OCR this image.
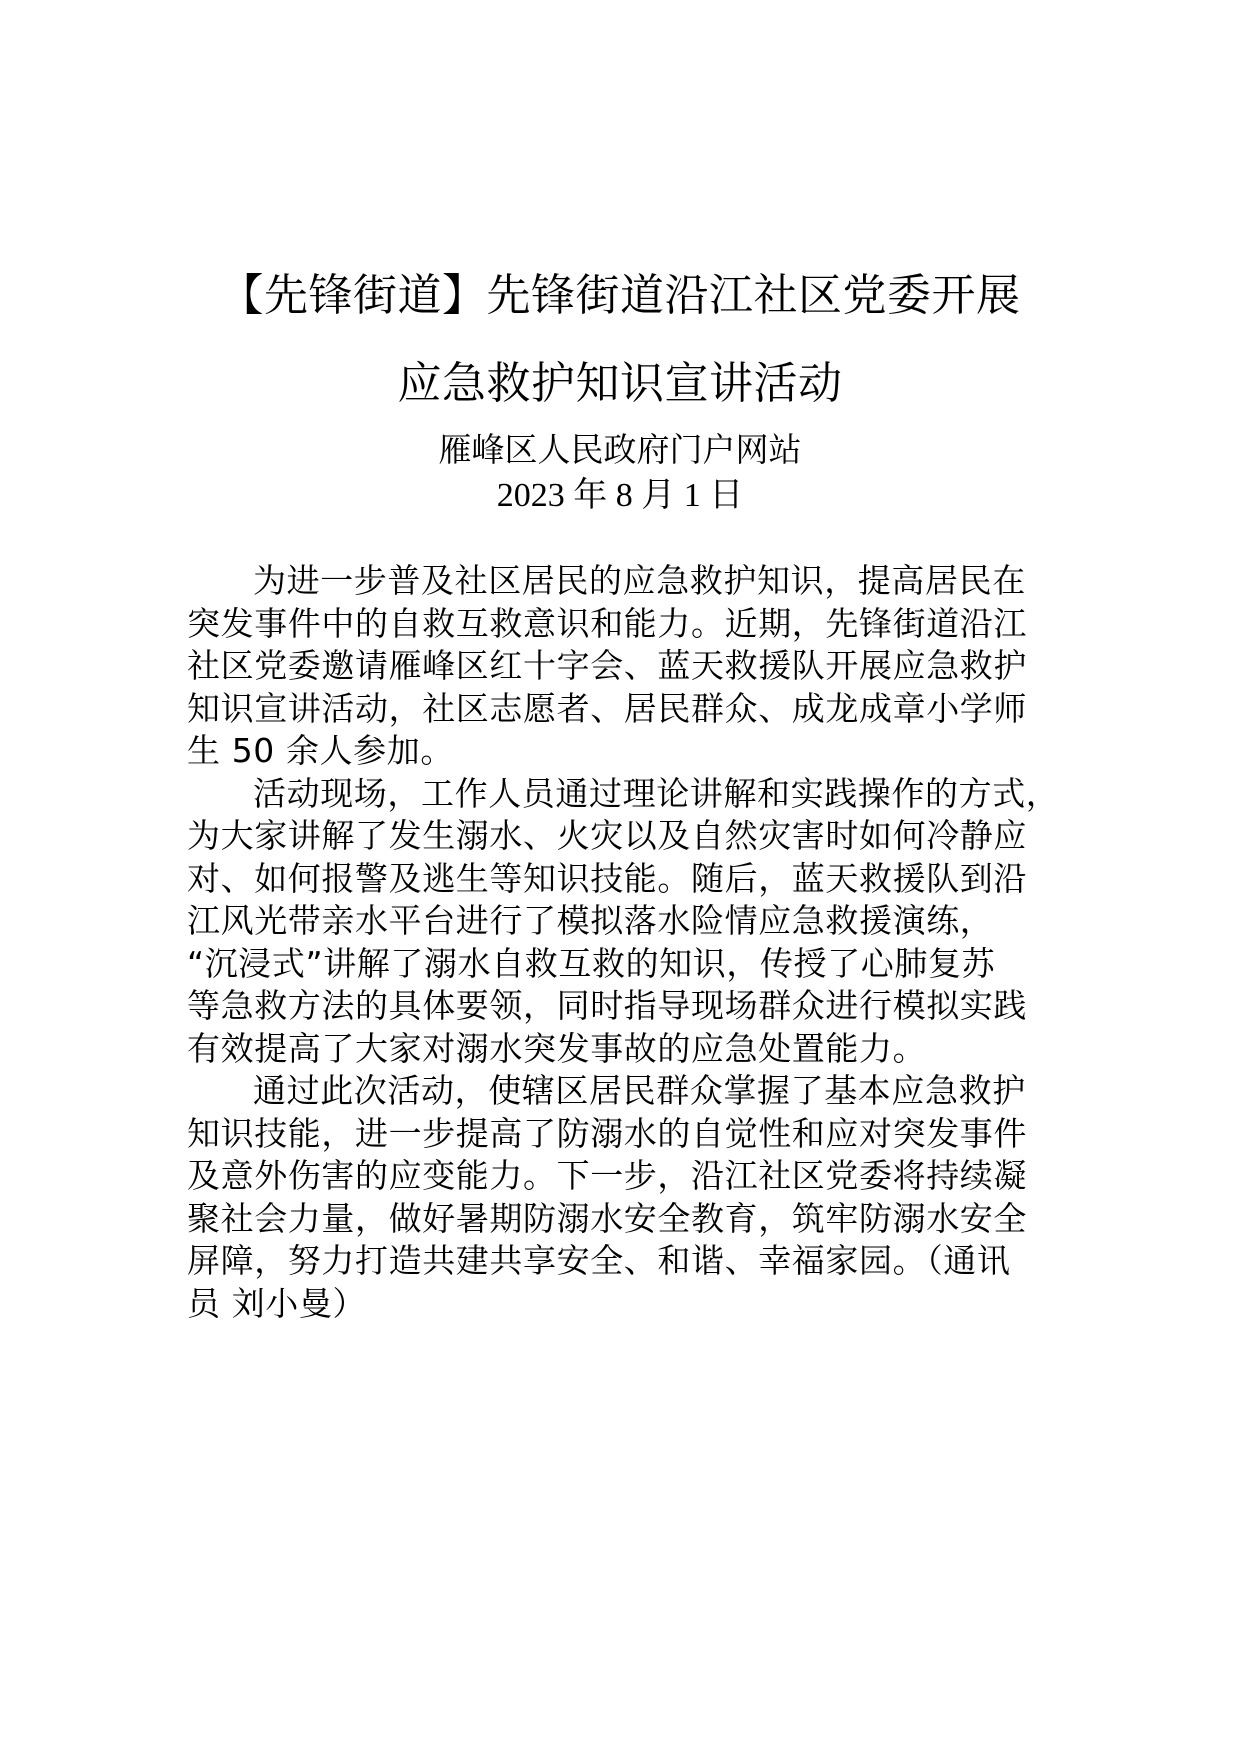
【先锋街道】先锋街道沿江社区党委开展
应急救护知识宣讲活动
雁峰区人民政府门户网站
2023 年 8 月 1 日
为进一步普及社区居民的应急救护知识，提高居民在
突发事件中的自救互救意识和能力。近期，先锋街道沿江
社区党委邀请雁峰区红十字会、蓝天救援队开展应急救护
知识宣讲活动，社区志愿者、居民群众、成龙成章小学师
生 50 余人参加。
活动现场，工作人员通过理论讲解和实践操作的方式，
为大家讲解了发生溺水、火灾以及自然灾害时如何冷静应
对、如何报警及逃生等知识技能。随后，蓝天救援队到沿
江风光带亲水平台进行了模拟落水险情应急救援演练，
“沉浸式”讲解了溺水自救互救的知识，传授了心肺复苏
等急救方法的具体要领，同时指导现场群众进行模拟实践
有效提高了大家对溺水突发事故的应急处置能力。
通过此次活动，使辖区居民群众掌握了基本应急救护
知识技能，进一步提高了防溺水的自觉性和应对突发事件
及意外伤害的应变能力。下一步，沿江社区党委将持续凝
聚社会力量，做好暑期防溺水安全教育，筑牢防溺水安全
屏障，努力打造共建共享安全、和谐、幸福家园。（通讯
员 刘小曼）
